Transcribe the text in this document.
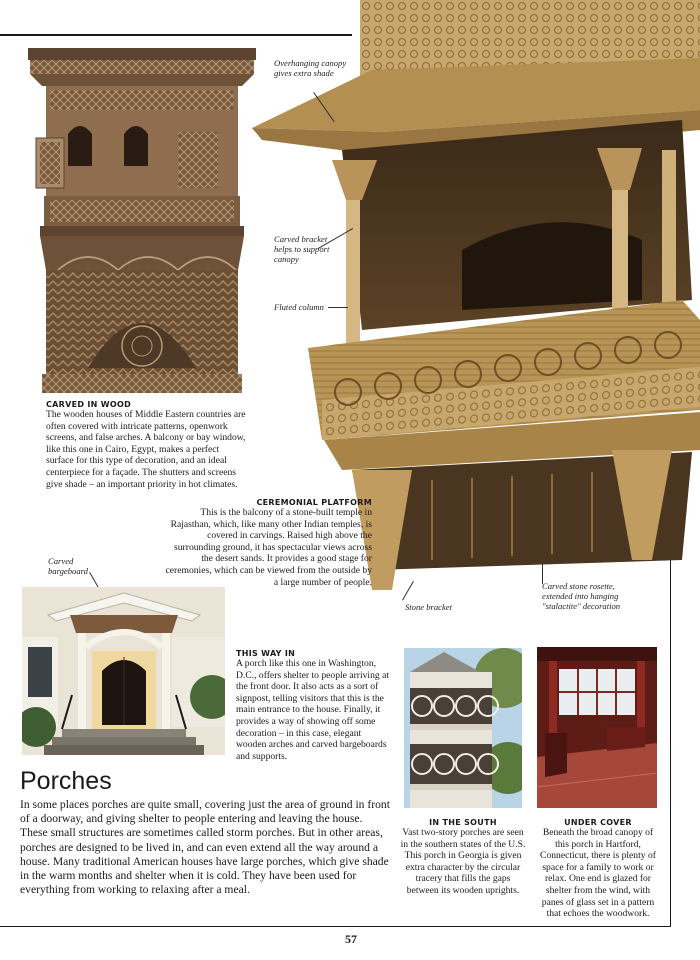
Overhanging canopy gives extra shade
Carved bracket helps to support canopy
Fluted column
Stone bracket
Carved stone rosette, extended into hanging "stalactite" decoration
Carved bargeboard
CARVED IN WOOD
The wooden houses of Middle Eastern countries are often covered with intricate patterns, openwork screens, and false arches. A balcony or bay window, like this one in Cairo, Egypt, makes a perfect surface for this type of decoration, and an ideal centerpiece for a façade. The shutters and screens give shade – an important priority in hot climates.
CEREMONIAL PLATFORM
This is the balcony of a stone-built temple in Rajasthan, which, like many other Indian temples, is covered in carvings. Raised high above the surrounding ground, it has spectacular views across the desert sands. It provides a good stage for ceremonies, which can be viewed from the outside by a large number of people.
THIS WAY IN
A porch like this one in Washington, D.C., offers shelter to people arriving at the front door. It also acts as a sort of signpost, telling visitors that this is the main entrance to the house. Finally, it provides a way of showing off some decoration – in this case, elegant wooden arches and carved bargeboards and supports.
IN THE SOUTH
Vast two-story porches are seen in the southern states of the U.S. This porch in Georgia is given extra character by the circular tracery that fills the gaps between its wooden uprights.
UNDER COVER
Beneath the broad canopy of this porch in Hartford, Connecticut, there is plenty of space for a family to work or relax. One end is glazed for shelter from the wind, with panes of glass set in a pattern that echoes the woodwork.
Porches
In some places porches are quite small, covering just the area of ground in front of a doorway, and giving shelter to people entering and leaving the house. These small structures are sometimes called storm porches. But in other areas, porches are designed to be lived in, and can even extend all the way around a house. Many traditional American houses have large porches, which give shade in the warm months and shelter when it is cold. They have been used for everything from working to relaxing after a meal.
57
